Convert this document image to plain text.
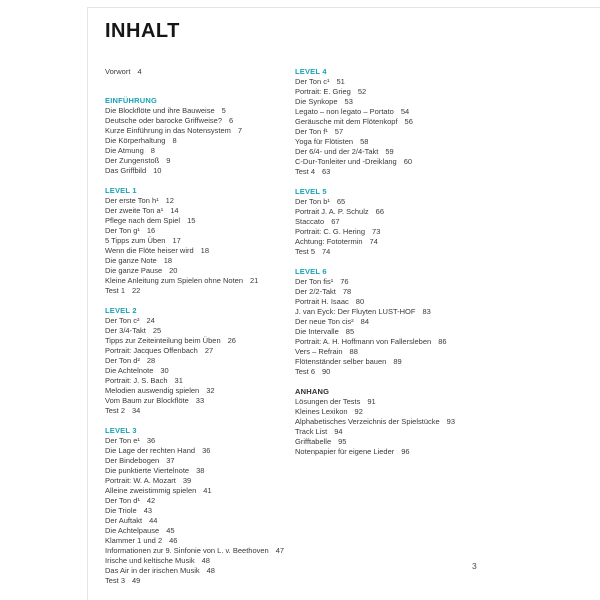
INHALT
Vorwort 4
EINFÜHRUNG
Die Blockflöte und ihre Bauweise 5
Deutsche oder barocke Griffweise? 6
Kurze Einführung in das Notensystem 7
Die Körperhaltung 8
Die Atmung 8
Der Zungenstoß 9
Das Griffbild 10
LEVEL 1
Der erste Ton h¹ 12
Der zweite Ton a¹ 14
Pflege nach dem Spiel 15
Der Ton g¹ 16
5 Tipps zum Üben 17
Wenn die Flöte heiser wird 18
Die ganze Note 18
Die ganze Pause 20
Kleine Anleitung zum Spielen ohne Noten 21
Test 1 22
LEVEL 2
Der Ton c² 24
Der 3/4-Takt 25
Tipps zur Zeiteinteilung beim Üben 26
Portrait: Jacques Offenbach 27
Der Ton d² 28
Die Achtelnote 30
Portrait: J. S. Bach 31
Melodien auswendig spielen 32
Vom Baum zur Blockflöte 33
Test 2 34
LEVEL 3
Der Ton e¹ 36
Die Lage der rechten Hand 36
Der Bindebogen 37
Die punktierte Viertelnote 38
Portrait: W. A. Mozart 39
Alleine zweistimmig spielen 41
Der Ton d¹ 42
Die Triole 43
Der Auftakt 44
Die Achtelpause 45
Klammer 1 und 2 46
Informationen zur 9. Sinfonie von L. v. Beethoven 47
Irische und keltische Musik 48
Das Air in der irischen Musik 48
Test 3 49
LEVEL 4
Der Ton c¹ 51
Portrait: E. Grieg 52
Die Synkope 53
Legato – non legato – Portato 54
Geräusche mit dem Flötenkopf 56
Der Ton f¹ 57
Yoga für Flötisten 58
Der 6/4- und der 2/4-Takt 59
C-Dur-Tonleiter und -Dreiklang 60
Test 4 63
LEVEL 5
Der Ton b¹ 65
Portrait J. A. P. Schulz 66
Staccato 67
Portrait: C. G. Hering 73
Achtung: Fototermin 74
Test 5 74
LEVEL 6
Der Ton fis¹ 76
Der 2/2-Takt 78
Portrait H. Isaac 80
J. van Eyck: Der Fluyten LUST-HOF 83
Der neue Ton cis² 84
Die Intervalle 85
Portrait: A. H. Hoffmann von Fallersleben 86
Vers – Refrain 88
Flötenständer selber bauen 89
Test 6 90
ANHANG
Lösungen der Tests 91
Kleines Lexikon 92
Alphabetisches Verzeichnis der Spielstücke 93
Track List 94
Grifftabelle 95
Notenpapier für eigene Lieder 96
3
